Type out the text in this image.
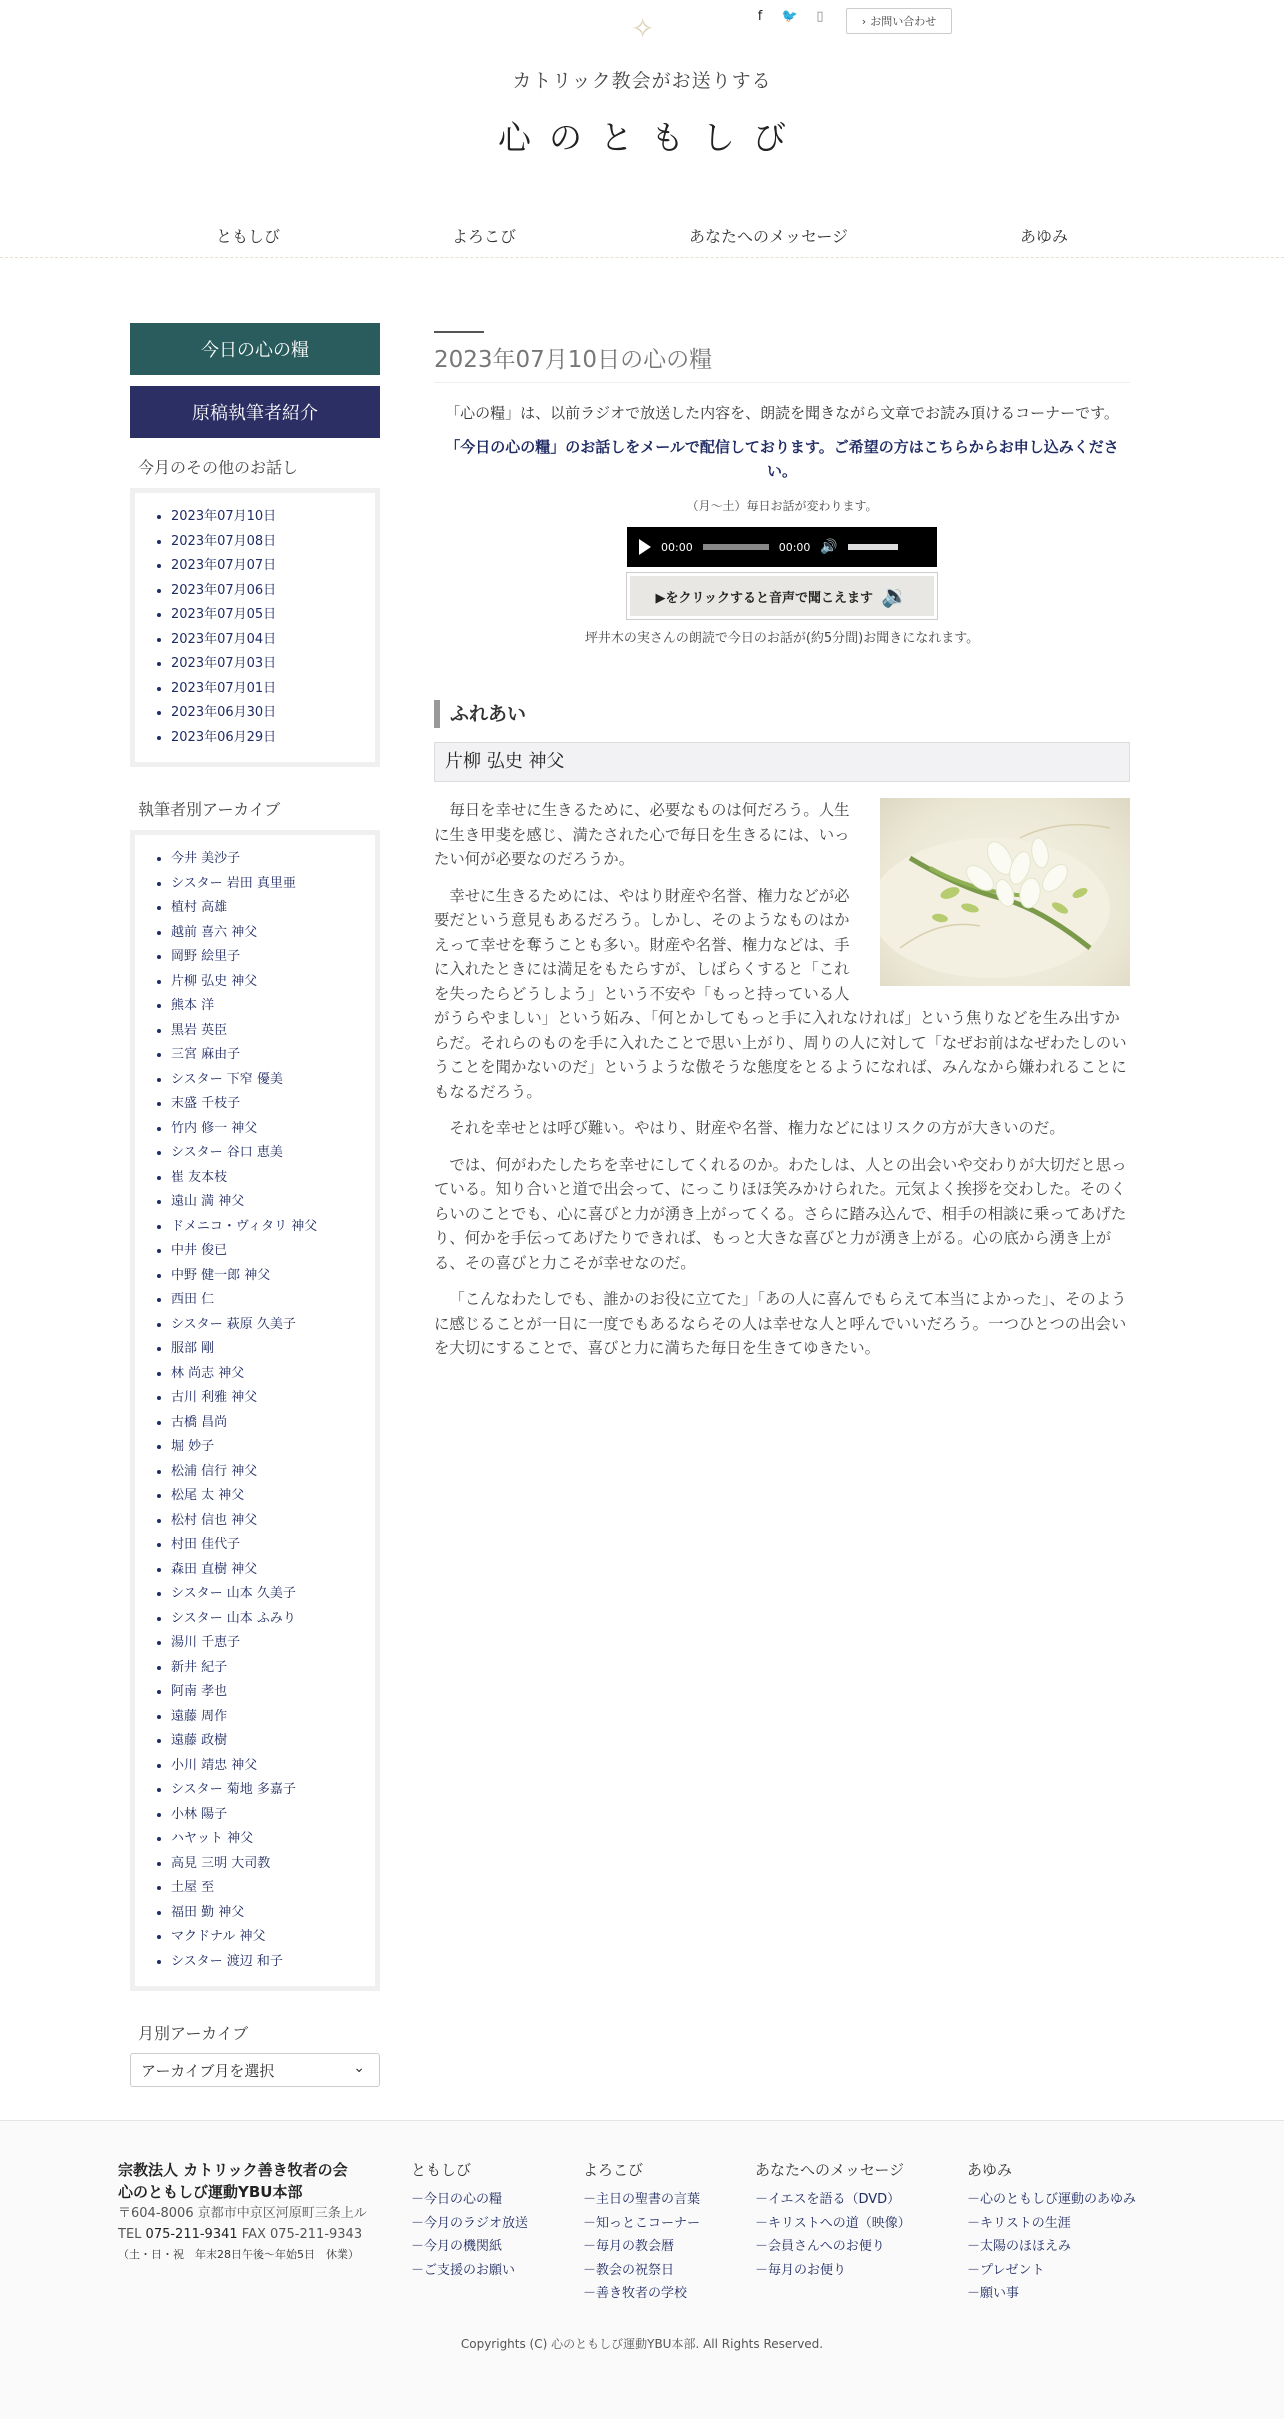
✧	f	🐦	▯	› お問い合わせ
カトリック教会がお送りする
心のともしび
ともしび	よろこび	あなたへのメッセージ	あゆみ
今日の心の糧
原稿執筆者紹介
今月のその他のお話し
• 2023年07月10日
• 2023年07月08日
• 2023年07月07日
• 2023年07月06日
• 2023年07月05日
• 2023年07月04日
• 2023年07月03日
• 2023年07月01日
• 2023年06月30日
• 2023年06月29日
執筆者別アーカイブ
• 今井 美沙子
• シスター 岩田 真里亜
• 植村 高雄
• 越前 喜六 神父
• 岡野 絵里子
• 片柳 弘史 神父
• 熊本 洋
• 黒岩 英臣
• 三宮 麻由子
• シスター 下窄 優美
• 末盛 千枝子
• 竹内 修一 神父
• シスター 谷口 恵美
• 崔 友本枝
• 遠山 満 神父
• ドメニコ・ヴィタリ 神父
• 中井 俊已
• 中野 健一郎 神父
• 西田 仁
• シスター 萩原 久美子
• 服部 剛
• 林 尚志 神父
• 古川 利雅 神父
• 古橋 昌尚
• 堀 妙子
• 松浦 信行 神父
• 松尾 太 神父
• 松村 信也 神父
• 村田 佳代子
• 森田 直樹 神父
• シスター 山本 久美子
• シスター 山本 ふみり
• 湯川 千恵子
• 新井 紀子
• 阿南 孝也
• 遠藤 周作
• 遠藤 政樹
• 小川 靖忠 神父
• シスター 菊地 多嘉子
• 小林 陽子
• ハヤット 神父
• 高見 三明 大司教
• 土屋 至
• 福田 勤 神父
• マクドナル 神父
• シスター 渡辺 和子
月別アーカイブ
アーカイブ月を選択	⌄
2023年07月10日の心の糧

「心の糧」は、以前ラジオで放送した内容を、朗読を聞きながら文章でお読み頂けるコーナーです。

「今日の心の糧」のお話しをメールで配信しております。ご希望の方はこちらからお申し込みください。

（月〜土）毎日お話が変わります。

00:00	00:00 🔊
▶をクリックすると音声で聞こえます 🔉

坪井木の実さんの朗読で今日のお話が(約5分間)お聞きになれます。

ふれあい
片柳 弘史 神父

毎日を幸せに生きるために、必要なものは何だろう。人生に生き甲斐を感じ、満たされた心で毎日を生きるには、いったい何が必要なのだろうか。

幸せに生きるためには、やはり財産や名誉、権力などが必要だという意見もあるだろう。しかし、そのようなものはかえって幸せを奪うことも多い。財産や名誉、権力などは、手に入れたときには満足をもたらすが、しばらくすると「これを失ったらどうしよう」という不安や「もっと持っている人がうらやましい」という妬み、「何とかしてもっと手に入れなければ」という焦りなどを生み出すからだ。それらのものを手に入れたことで思い上がり、周りの人に対して「なぜお前はなぜわたしのいうことを聞かないのだ」というような傲そうな態度をとるようになれば、みんなから嫌われることにもなるだろう。

それを幸せとは呼び難い。やはり、財産や名誉、権力などにはリスクの方が大きいのだ。

では、何がわたしたちを幸せにしてくれるのか。わたしは、人との出会いや交わりが大切だと思っている。知り合いと道で出会って、にっこりほほ笑みかけられた。元気よく挨拶を交わした。そのくらいのことでも、心に喜びと力が湧き上がってくる。さらに踏み込んで、相手の相談に乗ってあげたり、何かを手伝ってあげたりできれば、もっと大きな喜びと力が湧き上がる。心の底から湧き上がる、その喜びと力こそが幸せなのだ。

「こんなわたしでも、誰かのお役に立てた」「あの人に喜んでもらえて本当によかった」、そのように感じることが一日に一度でもあるならその人は幸せな人と呼んでいいだろう。一つひとつの出会いを大切にすることで、喜びと力に満ちた毎日を生きてゆきたい。

宗教法人 カトリック善き牧者の会
心のともしび運動YBU本部
〒604-8006 京都市中京区河原町三条上ル
TEL 075-211-9341 FAX 075-211-9343
（土・日・祝　年末28日午後〜年始5日　休業）
ともしび
－今日の心の糧
－今月のラジオ放送
－今月の機関紙
－ご支援のお願い
よろこび
－主日の聖書の言葉
－知っとこコーナー
－毎月の教会暦
－教会の祝祭日
－善き牧者の学校
あなたへのメッセージ
－イエスを語る（DVD）
－キリストへの道（映像）
－会員さんへのお便り
－毎月のお便り
あゆみ
－心のともしび運動のあゆみ
－キリストの生涯
－太陽のほほえみ
－プレゼント
－願い事
Copyrights (C) 心のともしび運動YBU本部. All Rights Reserved.
